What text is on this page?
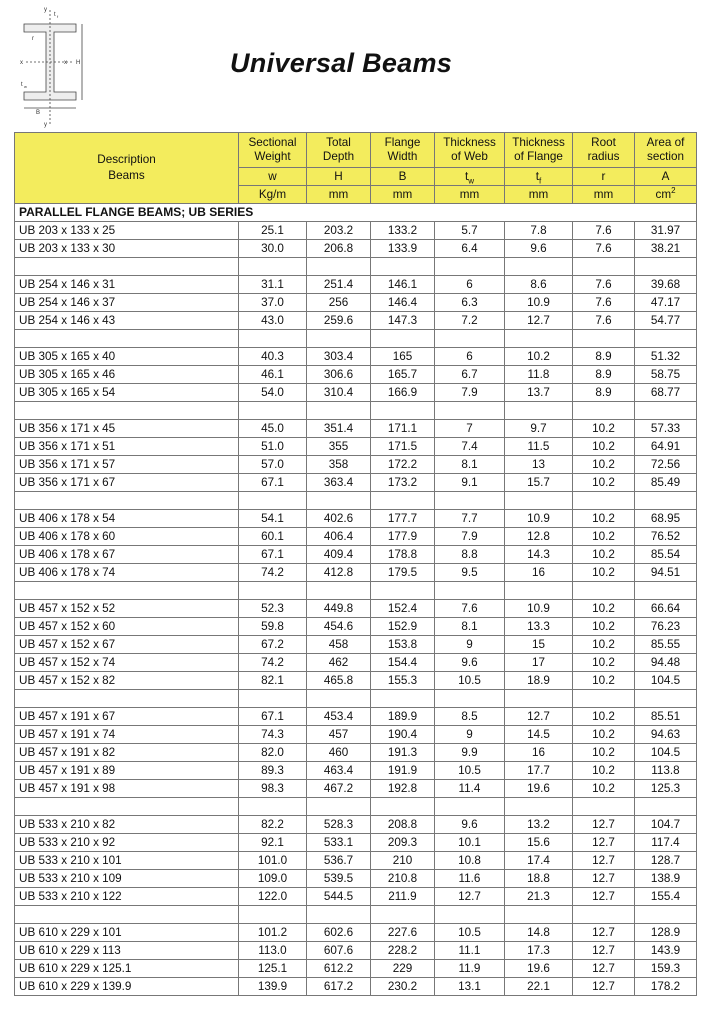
y
t f
r
x	x H
t w
B
y
Universal Beams
Description
Beams	Sectional Weight	Total Depth	Flange Width	Thickness of Web	Thickness of Flange	Root radius	Area of section
	w	H	B	$t_w$	$t_f$	r	A
	Kg/m	mm	mm	mm	mm	mm	$cm^2$
PARALLEL FLANGE BEAMS; UB SERIES							
UB 203 x 133 x 25	25.1	203.2	133.2	5.7	7.8	7.6	31.97
UB 203 x 133 x 30	30.0	206.8	133.9	6.4	9.6	7.6	38.21

UB 254 x 146 x 31	31.1	251.4	146.1	6	8.6	7.6	39.68
UB 254 x 146 x 37	37.0	256	146.4	6.3	10.9	7.6	47.17
UB 254 x 146 x 43	43.0	259.6	147.3	7.2	12.7	7.6	54.77

UB 305 x 165 x 40	40.3	303.4	165	6	10.2	8.9	51.32
UB 305 x 165 x 46	46.1	306.6	165.7	6.7	11.8	8.9	58.75
UB 305 x 165 x 54	54.0	310.4	166.9	7.9	13.7	8.9	68.77

UB 356 x 171 x 45	45.0	351.4	171.1	7	9.7	10.2	57.33
UB 356 x 171 x 51	51.0	355	171.5	7.4	11.5	10.2	64.91
UB 356 x 171 x 57	57.0	358	172.2	8.1	13	10.2	72.56
UB 356 x 171 x 67	67.1	363.4	173.2	9.1	15.7	10.2	85.49

UB 406 x 178 x 54	54.1	402.6	177.7	7.7	10.9	10.2	68.95
UB 406 x 178 x 60	60.1	406.4	177.9	7.9	12.8	10.2	76.52
UB 406 x 178 x 67	67.1	409.4	178.8	8.8	14.3	10.2	85.54
UB 406 x 178 x 74	74.2	412.8	179.5	9.5	16	10.2	94.51

UB 457 x 152 x 52	52.3	449.8	152.4	7.6	10.9	10.2	66.64
UB 457 x 152 x 60	59.8	454.6	152.9	8.1	13.3	10.2	76.23
UB 457 x 152 x 67	67.2	458	153.8	9	15	10.2	85.55
UB 457 x 152 x 74	74.2	462	154.4	9.6	17	10.2	94.48
UB 457 x 152 x 82	82.1	465.8	155.3	10.5	18.9	10.2	104.5

UB 457 x 191 x 67	67.1	453.4	189.9	8.5	12.7	10.2	85.51
UB 457 x 191 x 74	74.3	457	190.4	9	14.5	10.2	94.63
UB 457 x 191 x 82	82.0	460	191.3	9.9	16	10.2	104.5
UB 457 x 191 x 89	89.3	463.4	191.9	10.5	17.7	10.2	113.8
UB 457 x 191 x 98	98.3	467.2	192.8	11.4	19.6	10.2	125.3

UB 533 x 210 x 82	82.2	528.3	208.8	9.6	13.2	12.7	104.7
UB 533 x 210 x 92	92.1	533.1	209.3	10.1	15.6	12.7	117.4
UB 533 x 210 x 101	101.0	536.7	210	10.8	17.4	12.7	128.7
UB 533 x 210 x 109	109.0	539.5	210.8	11.6	18.8	12.7	138.9
UB 533 x 210 x 122	122.0	544.5	211.9	12.7	21.3	12.7	155.4

UB 610 x 229 x 101	101.2	602.6	227.6	10.5	14.8	12.7	128.9
UB 610 x 229 x 113	113.0	607.6	228.2	11.1	17.3	12.7	143.9
UB 610 x 229 x 125.1	125.1	612.2	229	11.9	19.6	12.7	159.3
UB 610 x 229 x 139.9	139.9	617.2	230.2	13.1	22.1	12.7	178.2
